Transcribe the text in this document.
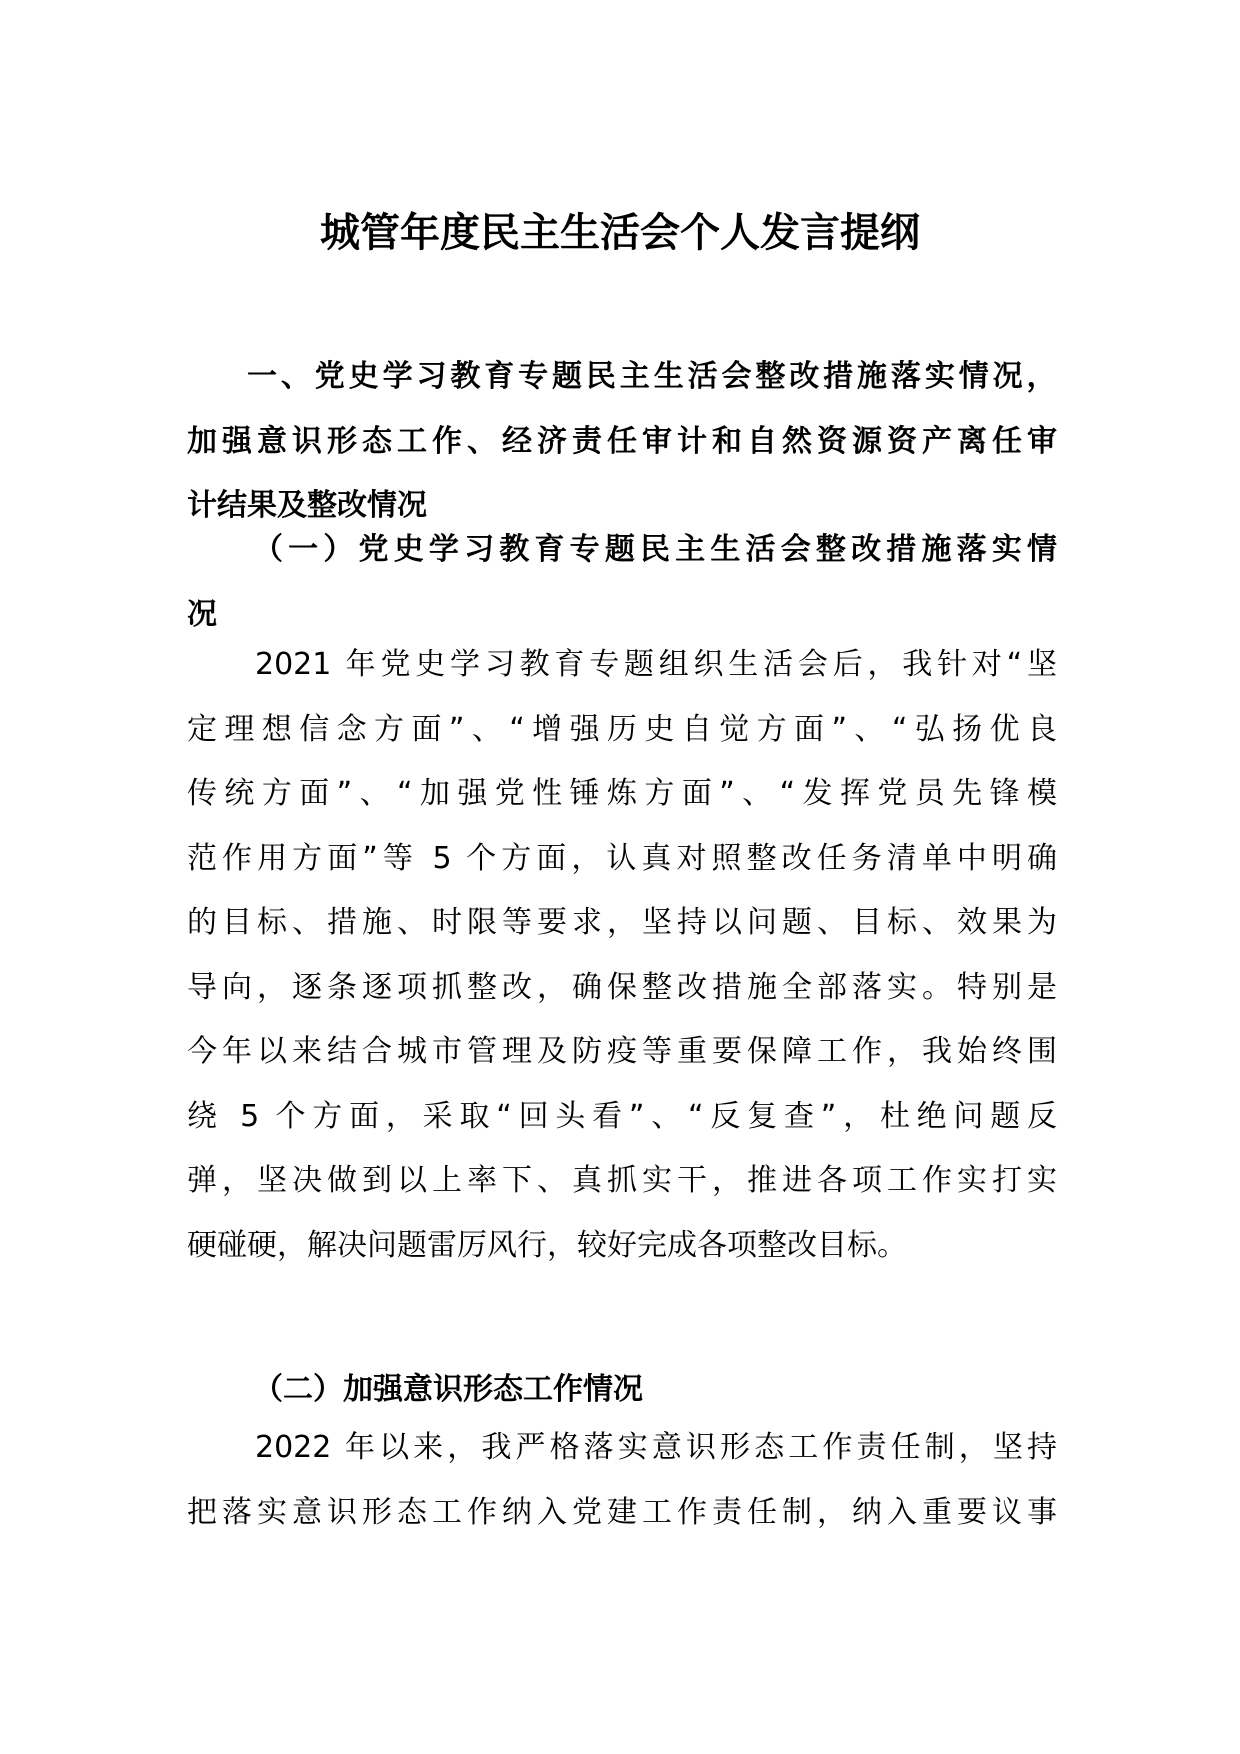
城管年度民主生活会个人发言提纲
一、党史学习教育专题民主生活会整改措施落实情况，
加强意识形态工作、经济责任审计和自然资源资产离任审
计结果及整改情况
（一）党史学习教育专题民主生活会整改措施落实情
况
2021 年党史学习教育专题组织生活会后，我针对“坚
定理想信念方面”、“增强历史自觉方面”、“弘扬优良
传统方面”、“加强党性锤炼方面”、“发挥党员先锋模
范作用方面”等 5 个方面，认真对照整改任务清单中明确
的目标、措施、时限等要求，坚持以问题、目标、效果为
导向，逐条逐项抓整改，确保整改措施全部落实。特别是
今年以来结合城市管理及防疫等重要保障工作，我始终围
绕 5 个方面，采取“回头看”、“反复查”，杜绝问题反
弹，坚决做到以上率下、真抓实干，推进各项工作实打实
硬碰硬，解决问题雷厉风行，较好完成各项整改目标。
（二）加强意识形态工作情况
2022 年以来，我严格落实意识形态工作责任制，坚持
把落实意识形态工作纳入党建工作责任制，纳入重要议事
